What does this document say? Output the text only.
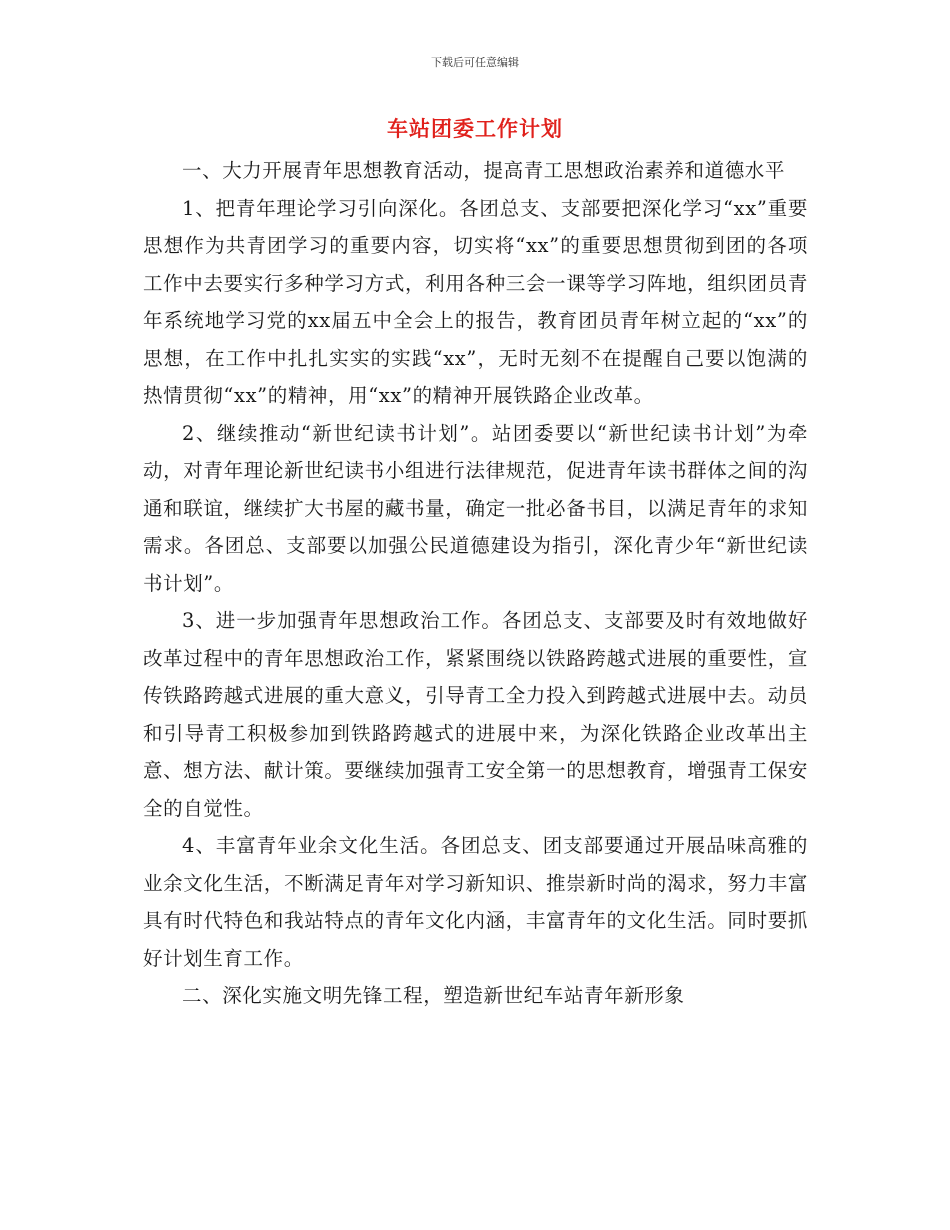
下载后可任意编辑
车站团委工作计划

一、大力开展青年思想教育活动，提高青工思想政治素养和道德水平

1、把青年理论学习引向深化。各团总支、支部要把深化学习“xx”重要思想作为共青团学习的重要内容，切实将“xx”的重要思想贯彻到团的各项工作中去要实行多种学习方式，利用各种三会一课等学习阵地，组织团员青年系统地学习党的xx届五中全会上的报告，教育团员青年树立起的“xx”的思想，在工作中扎扎实实的实践“xx”，无时无刻不在提醒自己要以饱满的热情贯彻“xx”的精神，用“xx”的精神开展铁路企业改革。

2、继续推动“新世纪读书计划”。站团委要以“新世纪读书计划”为牵动，对青年理论新世纪读书小组进行法律规范，促进青年读书群体之间的沟通和联谊，继续扩大书屋的藏书量，确定一批必备书目，以满足青年的求知需求。各团总、支部要以加强公民道德建设为指引，深化青少年“新世纪读书计划”。

3、进一步加强青年思想政治工作。各团总支、支部要及时有效地做好改革过程中的青年思想政治工作，紧紧围绕以铁路跨越式进展的重要性，宣传铁路跨越式进展的重大意义，引导青工全力投入到跨越式进展中去。动员和引导青工积极参加到铁路跨越式的进展中来，为深化铁路企业改革出主意、想方法、献计策。要继续加强青工安全第一的思想教育，增强青工保安全的自觉性。

4、丰富青年业余文化生活。各团总支、团支部要通过开展品味高雅的业余文化生活，不断满足青年对学习新知识、推崇新时尚的渴求，努力丰富具有时代特色和我站特点的青年文化内涵，丰富青年的文化生活。同时要抓好计划生育工作。

二、深化实施文明先锋工程，塑造新世纪车站青年新形象
